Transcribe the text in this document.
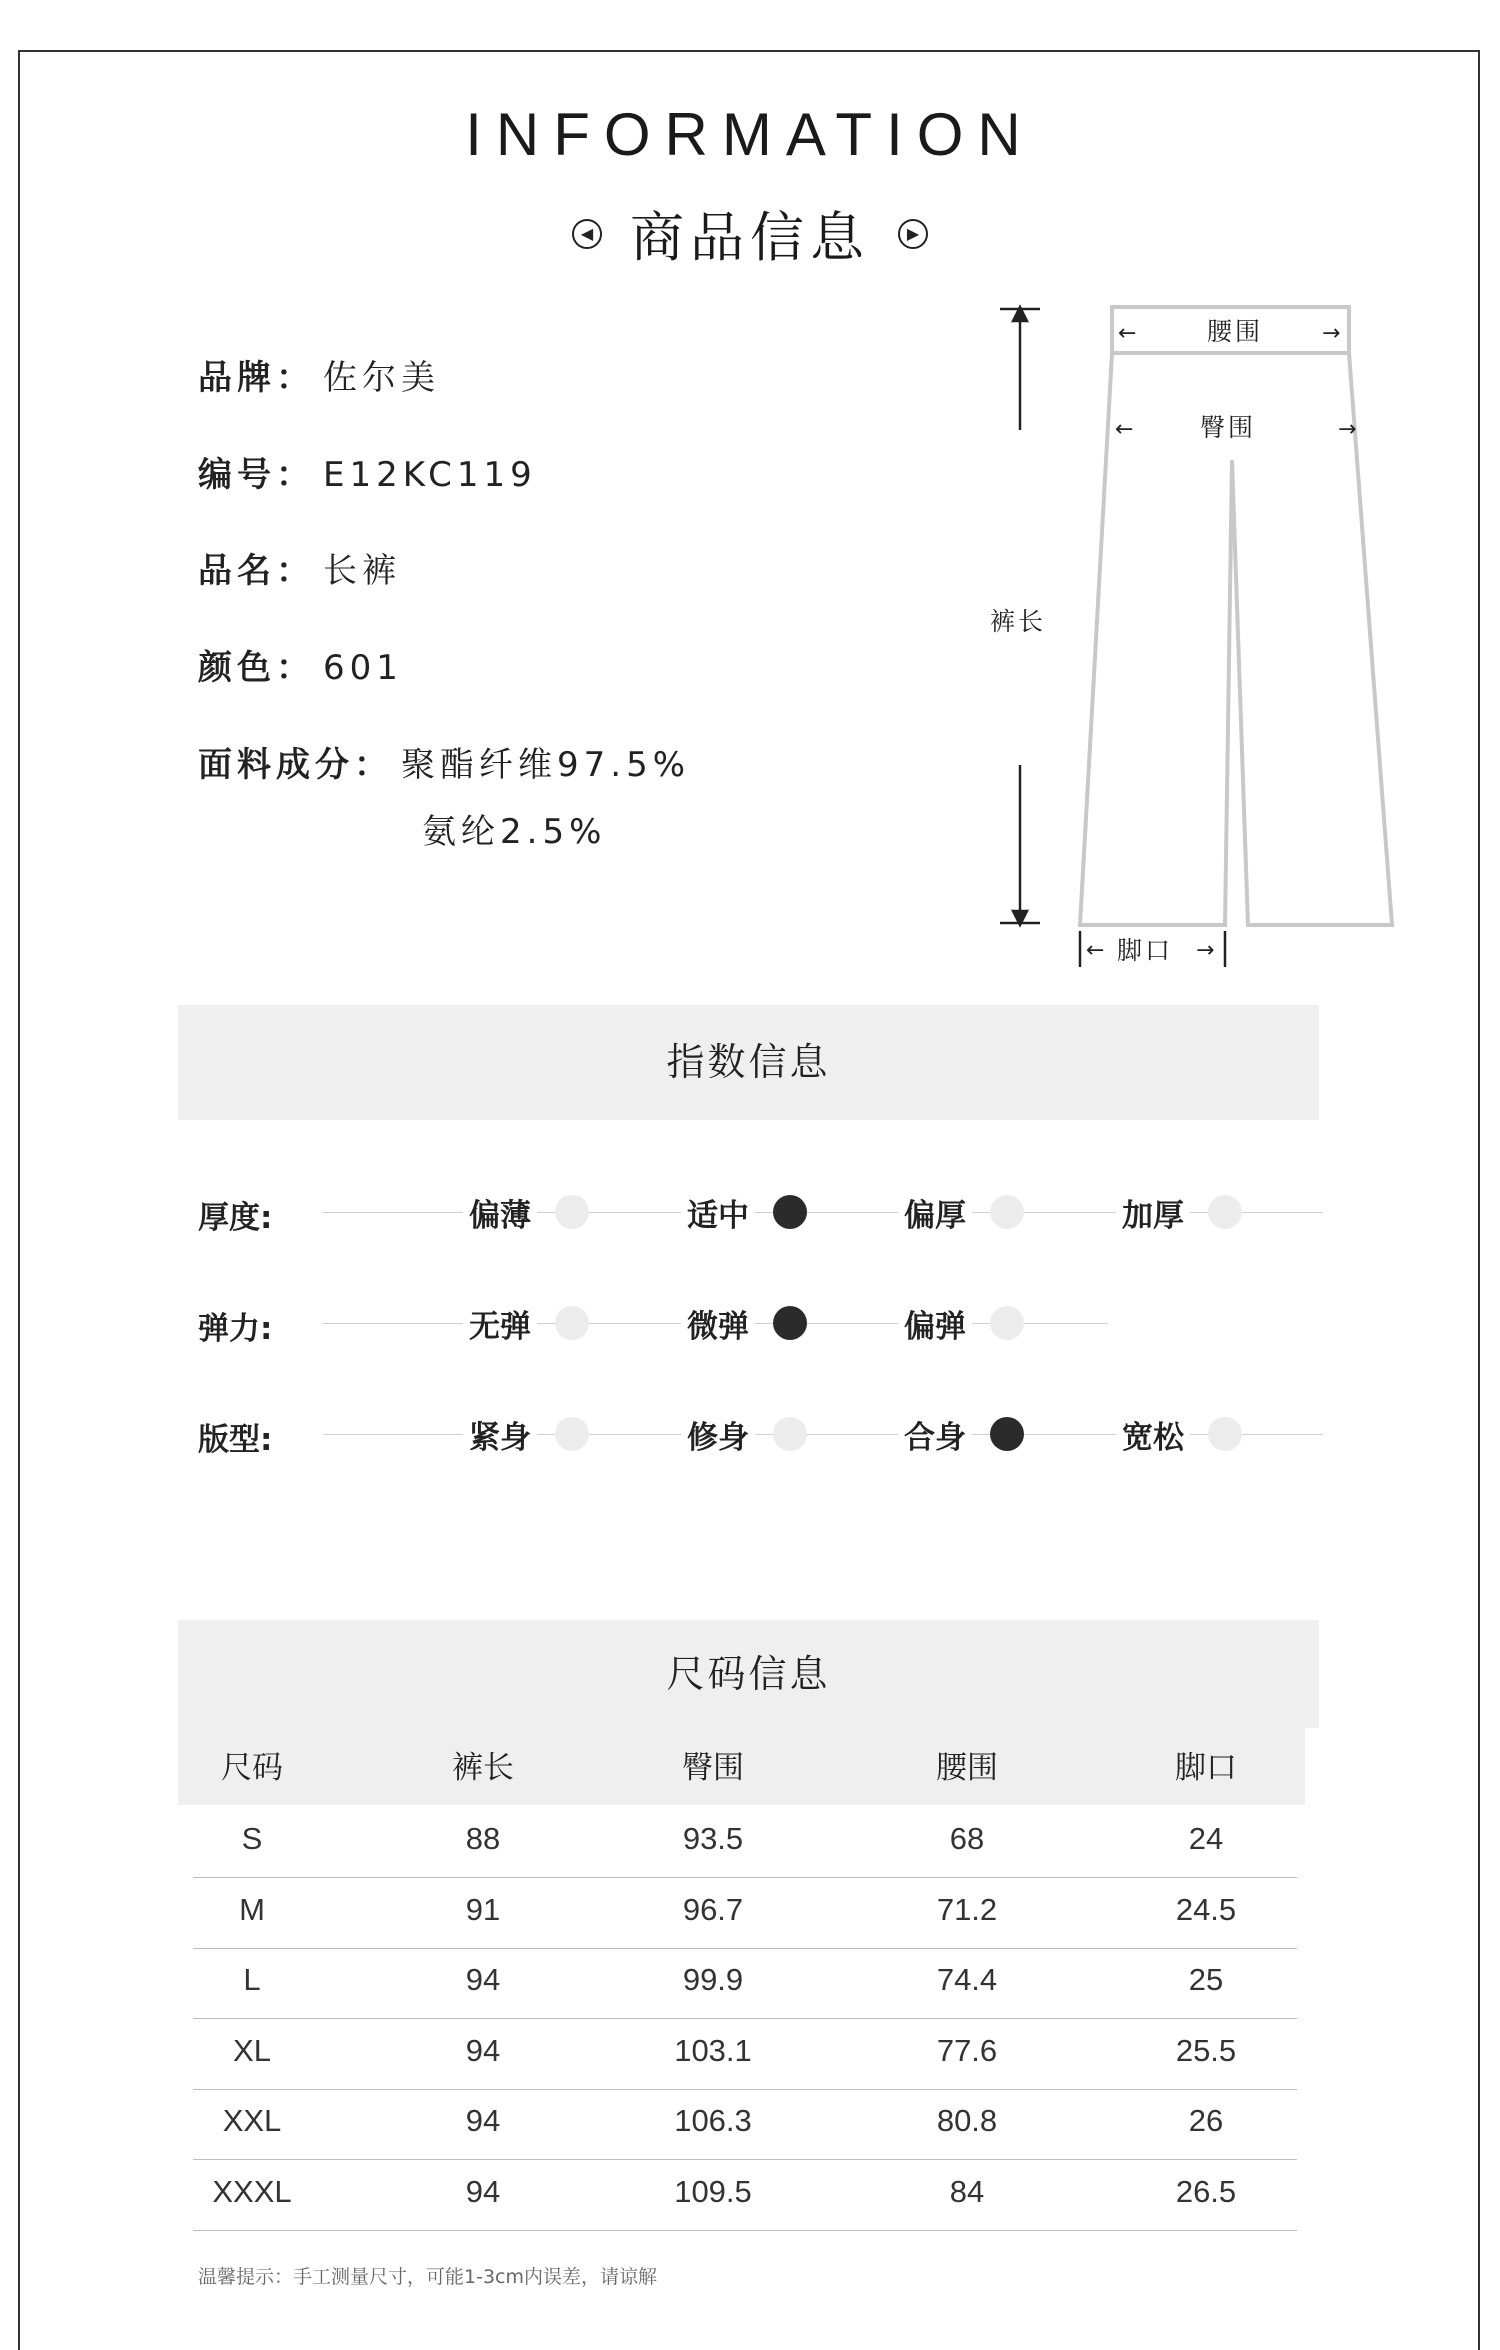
INFORMATION
◀ 商品信息	▶
品牌： 佐尔美
编号： E12KC119
品名： 长裤
颜色： 601
面料成分： 聚酯纤维97.5%
氨纶2.5%
←	→
←	→
←	→
腰围
臀围
裤长
脚口
指数信息
厚度:	偏薄	适中	偏厚	加厚
弹力:	无弹	微弹	偏弹
版型:	紧身	修身	合身	宽松
尺码信息
尺码	裤长	臀围	腰围	脚口
S	88	93.5	68	24
M	91	96.7	71.2	24.5
L	94	99.9	74.4	25
XL	94	103.1	77.6	25.5
XXL	94	106.3	80.8	26
XXXL	94	109.5	84	26.5
温馨提示：手工测量尺寸，可能1-3cm内误差，请谅解
